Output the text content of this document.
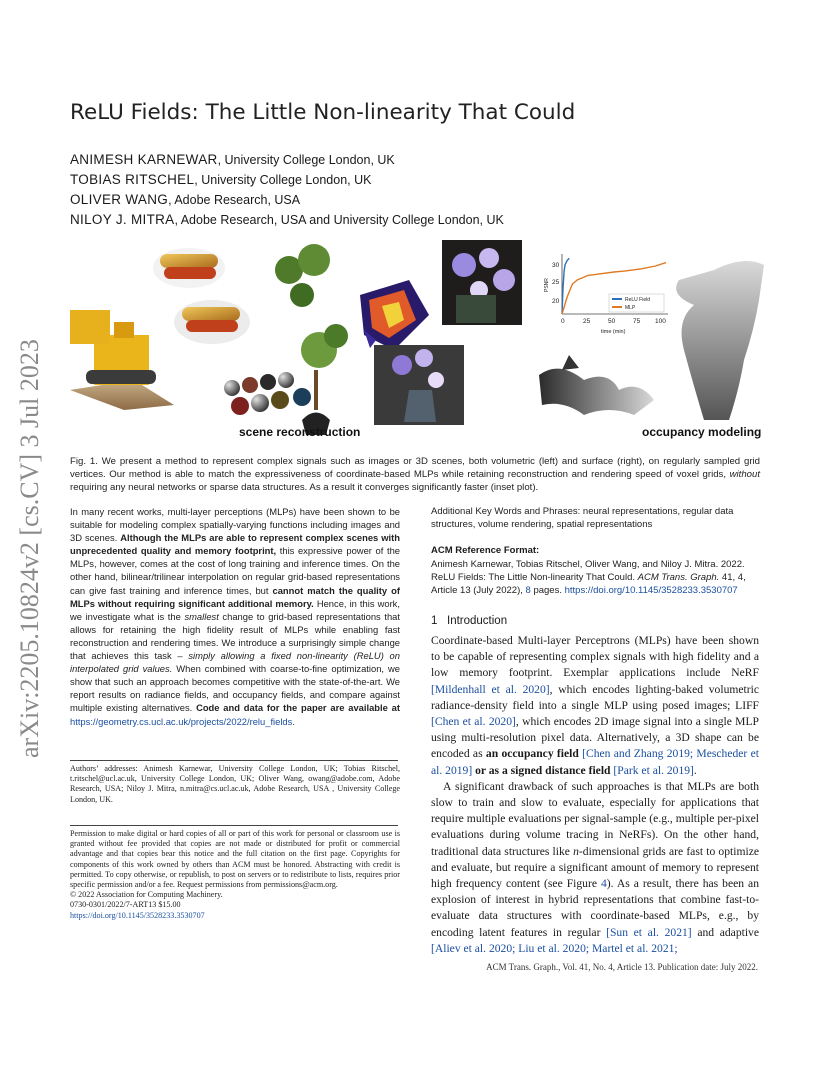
arXiv:2205.10824v2 [cs.CV] 3 Jul 2023
ReLU Fields: The Little Non-linearity That Could
ANIMESH KARNEWAR, University College London, UK
TOBIAS RITSCHEL, University College London, UK
OLIVER WANG, Adobe Research, USA
NILOY J. MITRA, Adobe Research, USA and University College London, UK
30
25
20
PSNR
0	25	50	75 100
time (min)
ReLU Field
MLP
scene reconstruction	occupancy modeling
Fig. 1. We present a method to represent complex signals such as images or 3D scenes, both volumetric (left) and surface (right), on regularly sampled grid vertices. Our method is able to match the expressiveness of coordinate-based MLPs while retaining reconstruction and rendering speed of voxel grids, without requiring any neural networks or sparse data structures. As a result it converges significantly faster (inset plot).

In many recent works, multi-layer perceptions (MLPs) have been shown to be suitable for modeling complex spatially-varying functions including images and 3D scenes. Although the MLPs are able to represent complex scenes with unprecedented quality and memory footprint, this expressive power of the MLPs, however, comes at the cost of long training and inference times. On the other hand, bilinear/trilinear interpolation on regular grid-based representations can give fast training and inference times, but cannot match the quality of MLPs without requiring significant additional memory. Hence, in this work, we investigate what is the smallest change to grid-based representations that allows for retaining the high fidelity result of MLPs while enabling fast reconstruction and rendering times. We introduce a surprisingly simple change that achieves this task – simply allowing a fixed non-linearity (ReLU) on interpolated grid values. When combined with coarse-to-fine optimization, we show that such an approach becomes competitive with the state-of-the-art. We report results on radiance fields, and occupancy fields, and compare against multiple existing alternatives. Code and data for the paper are available at https://geometry.cs.ucl.ac.uk/projects/2022/relu_fields.

Authors’ addresses: Animesh Karnewar, University College London, UK; Tobias Ritschel, t.ritschel@ucl.ac.uk, University College London, UK; Oliver Wang, owang@adobe.com, Adobe Research, USA; Niloy J. Mitra, n.mitra@cs.ucl.ac.uk, Adobe Research, USA , University College London, UK.
Permission to make digital or hard copies of all or part of this work for personal or classroom use is granted without fee provided that copies are not made or distributed for profit or commercial advantage and that copies bear this notice and the full citation on the first page. Copyrights for components of this work owned by others than ACM must be honored. Abstracting with credit is permitted. To copy otherwise, or republish, to post on servers or to redistribute to lists, requires prior specific permission and/or a fee. Request permissions from permissions@acm.org.
© 2022 Association for Computing Machinery.
0730-0301/2022/7-ART13 $15.00
https://doi.org/10.1145/3528233.3530707

Additional Key Words and Phrases: neural representations, regular data structures, volume rendering, spatial representations

ACM Reference Format:

Animesh Karnewar, Tobias Ritschel, Oliver Wang, and Niloy J. Mitra. 2022. ReLU Fields: The Little Non-linearity That Could. ACM Trans. Graph. 41, 4, Article 13 (July 2022), 8 pages. https://doi.org/10.1145/3528233.3530707

1 Introduction

Coordinate-based Multi-layer Perceptrons (MLPs) have been shown to be capable of representing complex signals with high fidelity and a low memory footprint. Exemplar applications include NeRF [Mildenhall et al. 2020], which encodes lighting-baked volumetric radiance-density field into a single MLP using posed images; LIFF [Chen et al. 2020], which encodes 2D image signal into a single MLP using multi-resolution pixel data. Alternatively, a 3D shape can be encoded as an occupancy field [Chen and Zhang 2019; Mescheder et al. 2019] or as a signed distance field [Park et al. 2019].

A significant drawback of such approaches is that MLPs are both slow to train and slow to evaluate, especially for applications that require multiple evaluations per signal-sample (e.g., multiple per-pixel evaluations during volume tracing in NeRFs). On the other hand, traditional data structures like n-dimensional grids are fast to optimize and evaluate, but require a significant amount of memory to represent high frequency content (see Figure 4). As a result, there has been an explosion of interest in hybrid representations that combine fast-to-evaluate data structures with coordinate-based MLPs, e.g., by encoding latent features in regular [Sun et al. 2021] and adaptive [Aliev et al. 2020; Liu et al. 2020; Martel et al. 2021;

ACM Trans. Graph., Vol. 41, No. 4, Article 13. Publication date: July 2022.
